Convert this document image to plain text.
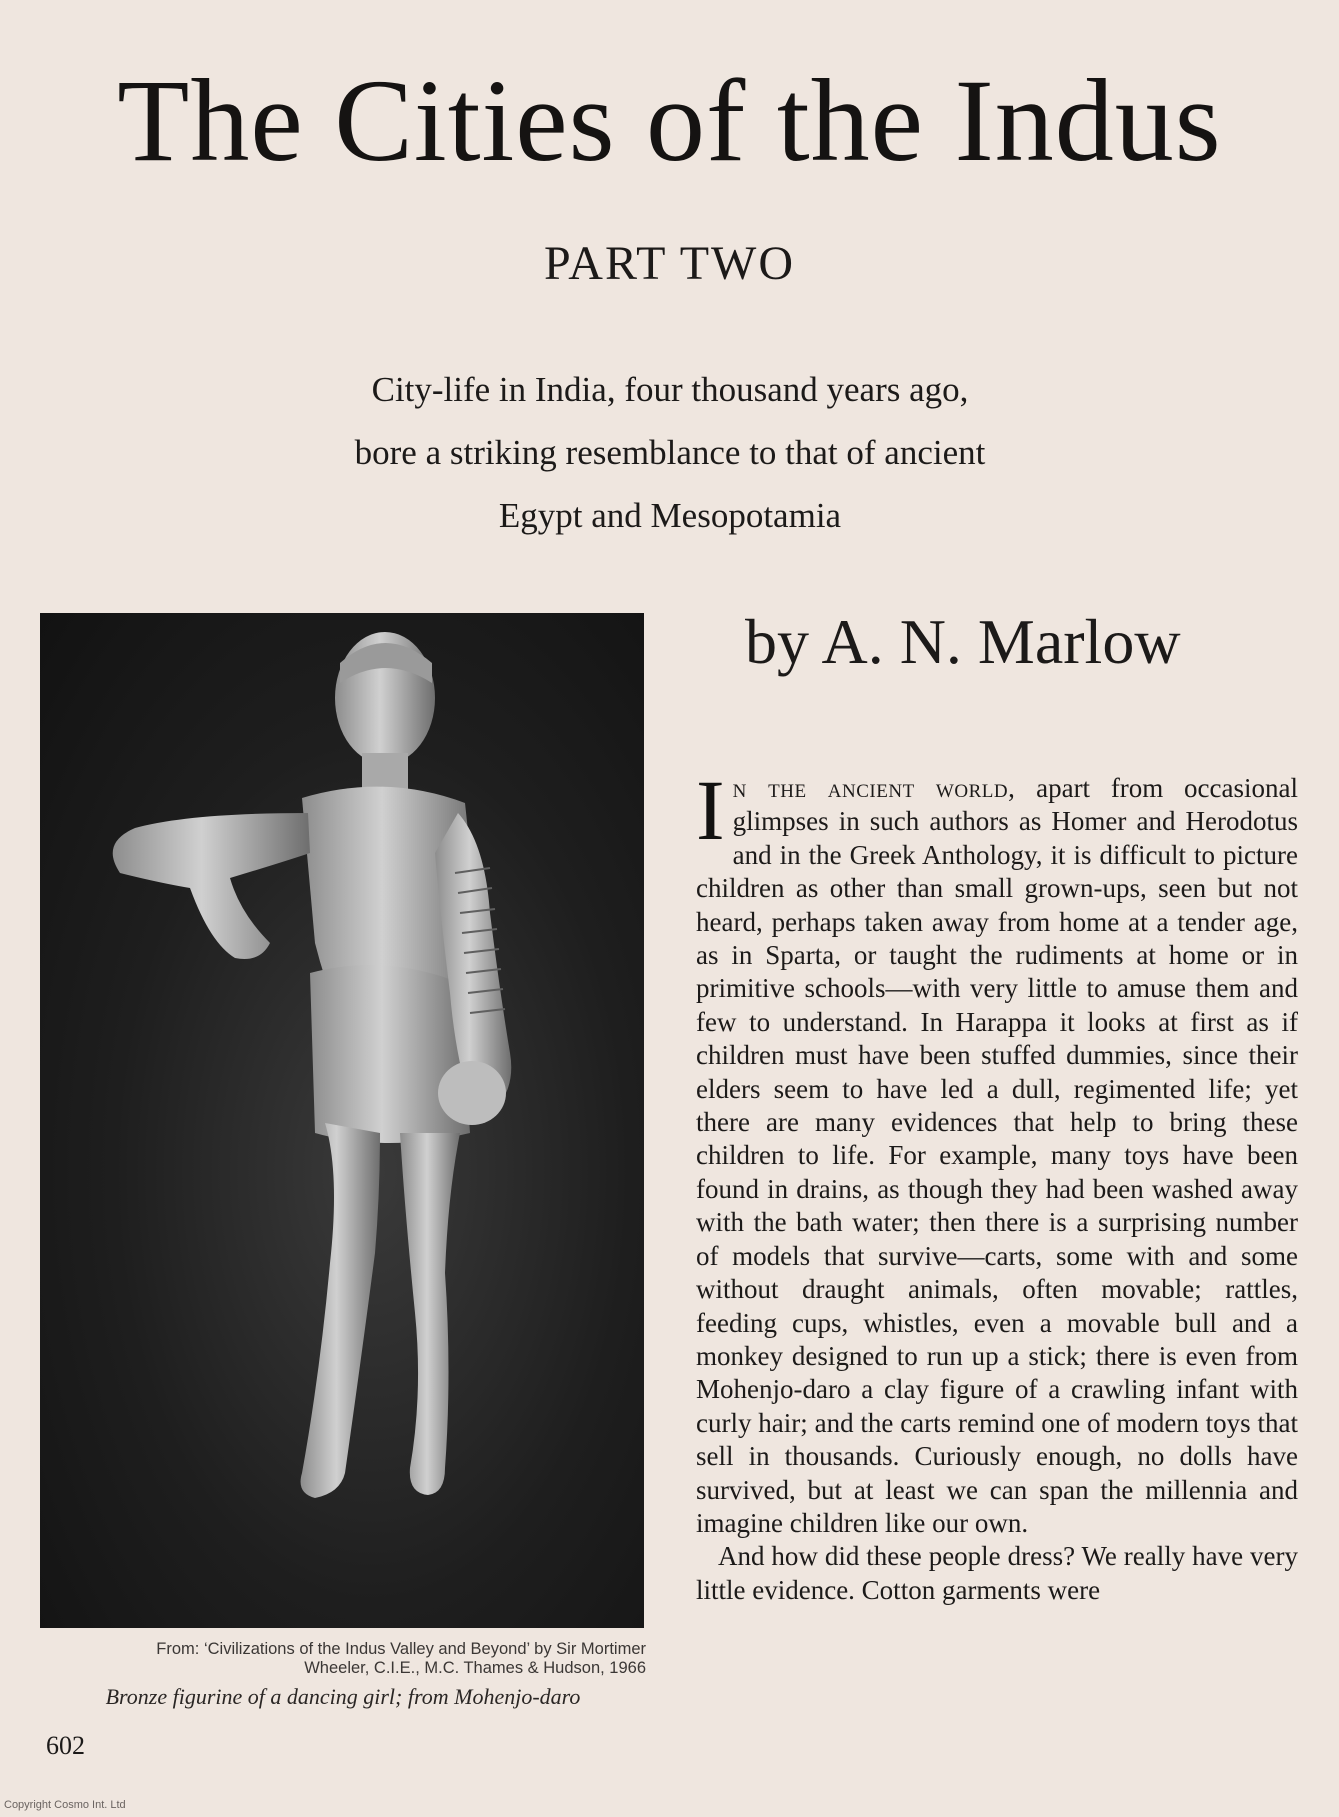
The Cities of the Indus
PART TWO
City-life in India, four thousand years ago,
bore a striking resemblance to that of ancient
Egypt and Mesopotamia
by A. N. Marlow
From: ‘Civilizations of the Indus Valley and Beyond’ by Sir Mortimer
Wheeler, C.I.E., M.C. Thames & Hudson, 1966
Bronze figurine of a dancing girl; from Mohenjo-daro

In the ancient world, apart from occasional glimpses in such authors as Homer and Herodotus and in the Greek Anthology, it is difficult to picture children as other than small grown-ups, seen but not heard, perhaps taken away from home at a tender age, as in Sparta, or taught the rudiments at home or in primitive schools—with very little to amuse them and few to understand. In Harappa it looks at first as if children must have been stuffed dummies, since their elders seem to have led a dull, regimented life; yet there are many evidences that help to bring these children to life. For example, many toys have been found in drains, as though they had been washed away with the bath water; then there is a surprising number of models that survive—carts, some with and some without draught animals, often movable; rattles, feeding cups, whistles, even a movable bull and a monkey designed to run up a stick; there is even from Mohenjo-daro a clay figure of a crawling infant with curly hair; and the carts remind one of modern toys that sell in thousands. Curiously enough, no dolls have survived, but at least we can span the millennia and imagine children like our own.

And how did these people dress? We really have very little evidence. Cotton garments were

602
Copyright Cosmo Int. Ltd
